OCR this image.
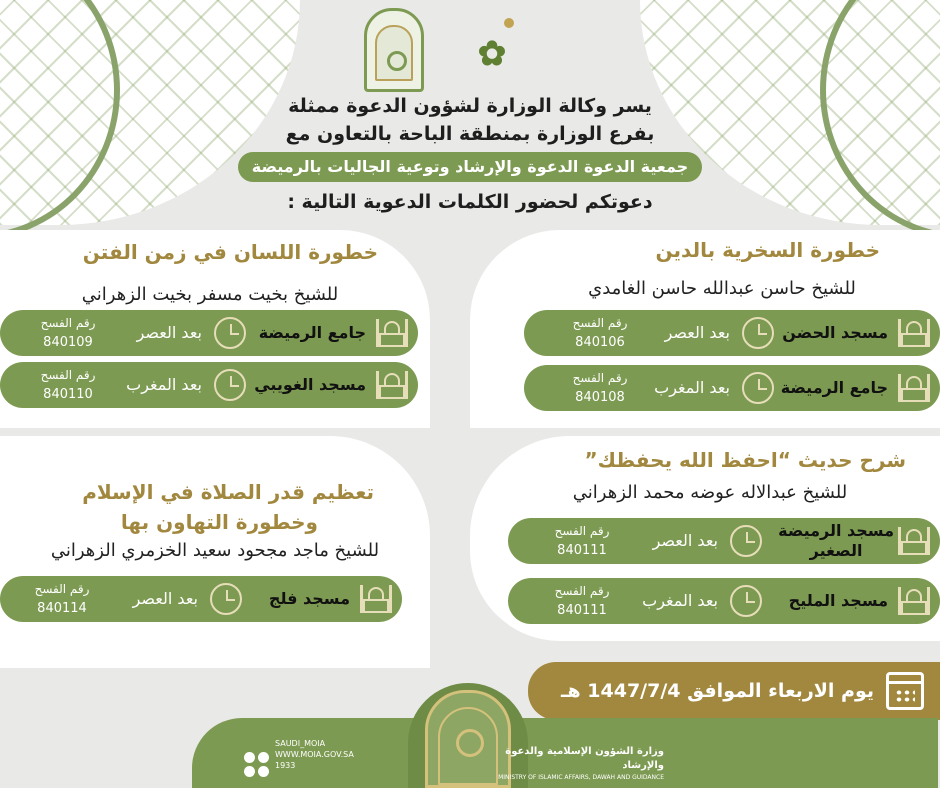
✿
يسر وكالة الوزارة لشؤون الدعوة ممثلة
بفرع الوزارة بمنطقة الباحة بالتعاون مع
جمعية الدعوة الدعوة والإرشاد وتوعية الجاليات بالرميضة
دعوتكم لحضور الكلمات الدعوية التالية :
خطورة السخرية بالدين
للشيخ حاسن عبدالله حاسن الغامدي
مسجد الحضن
بعد العصر
رقم الفسح
840106
جامع الرميضة
بعد المغرب
رقم الفسح
840108
خطورة اللسان في زمن الفتن
للشيخ بخيت مسفر بخيت الزهراني
جامع الرميضة
بعد العصر
رقم الفسح
840109
مسجد الغويبي
بعد المغرب
رقم الفسح
840110
شرح حديث “احفظ الله يحفظك”
للشيخ عبدالاله عوضه محمد الزهراني
مسجد الرميضة
الصغير
بعد العصر
رقم الفسح
840111
مسجد المليح
بعد المغرب
رقم الفسح
840111
تعظيم قدر الصلاة في الإسلام
وخطورة التهاون بها
للشيخ ماجد مجحود سعيد الخزمري الزهراني
مسجد فلج
بعد العصر
رقم الفسح
840114
يوم الاربعاء الموافق 1447/7/4 هـ
SAUDI_MOIA
WWW.MOIA.GOV.SA
1933
وزارة الشؤون الإسلامية والدعوة والإرشاد
MINISTRY OF ISLAMIC AFFAIRS, DAWAH AND GUIDANCE
